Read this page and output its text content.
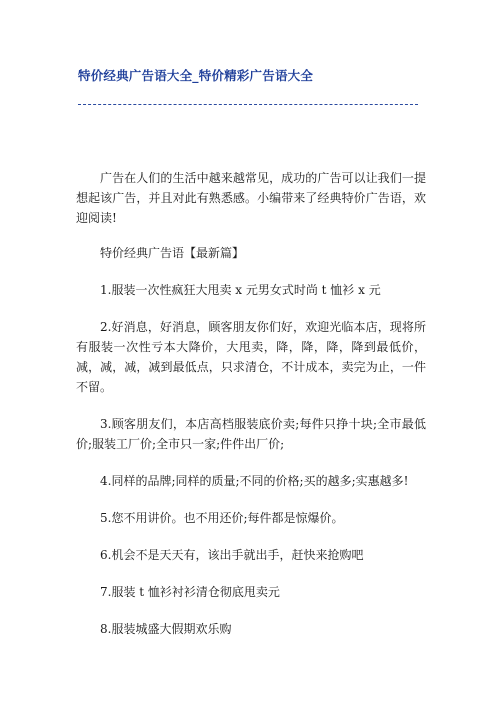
特价经典广告语大全_特价精彩广告语大全

广告在人们的生活中越来越常见，成功的广告可以让我们一提想起该广告，并且对此有熟悉感。小编带来了经典特价广告语，欢迎阅读!

特价经典广告语【最新篇】

1.服装一次性疯狂大甩卖 x 元男女式时尚 t 恤衫 x 元

2.好消息，好消息，顾客朋友你们好，欢迎光临本店，现将所有服装一次性亏本大降价，大甩卖，降，降，降，降到最低价，减，减，减，减到最低点，只求清仓，不计成本，卖完为止，一件不留。

3.顾客朋友们，本店高档服装底价卖;每件只挣十块;全市最低价;服装工厂价;全市只一家;件件出厂价;

4.同样的品牌;同样的质量;不同的价格;买的越多;实惠越多!

5.您不用讲价。也不用还价;每件都是惊爆价。

6.机会不是天天有，该出手就出手，赶快来抢购吧

7.服装 t 恤衫衬衫清仓彻底甩卖元

8.服装城盛大假期欢乐购
